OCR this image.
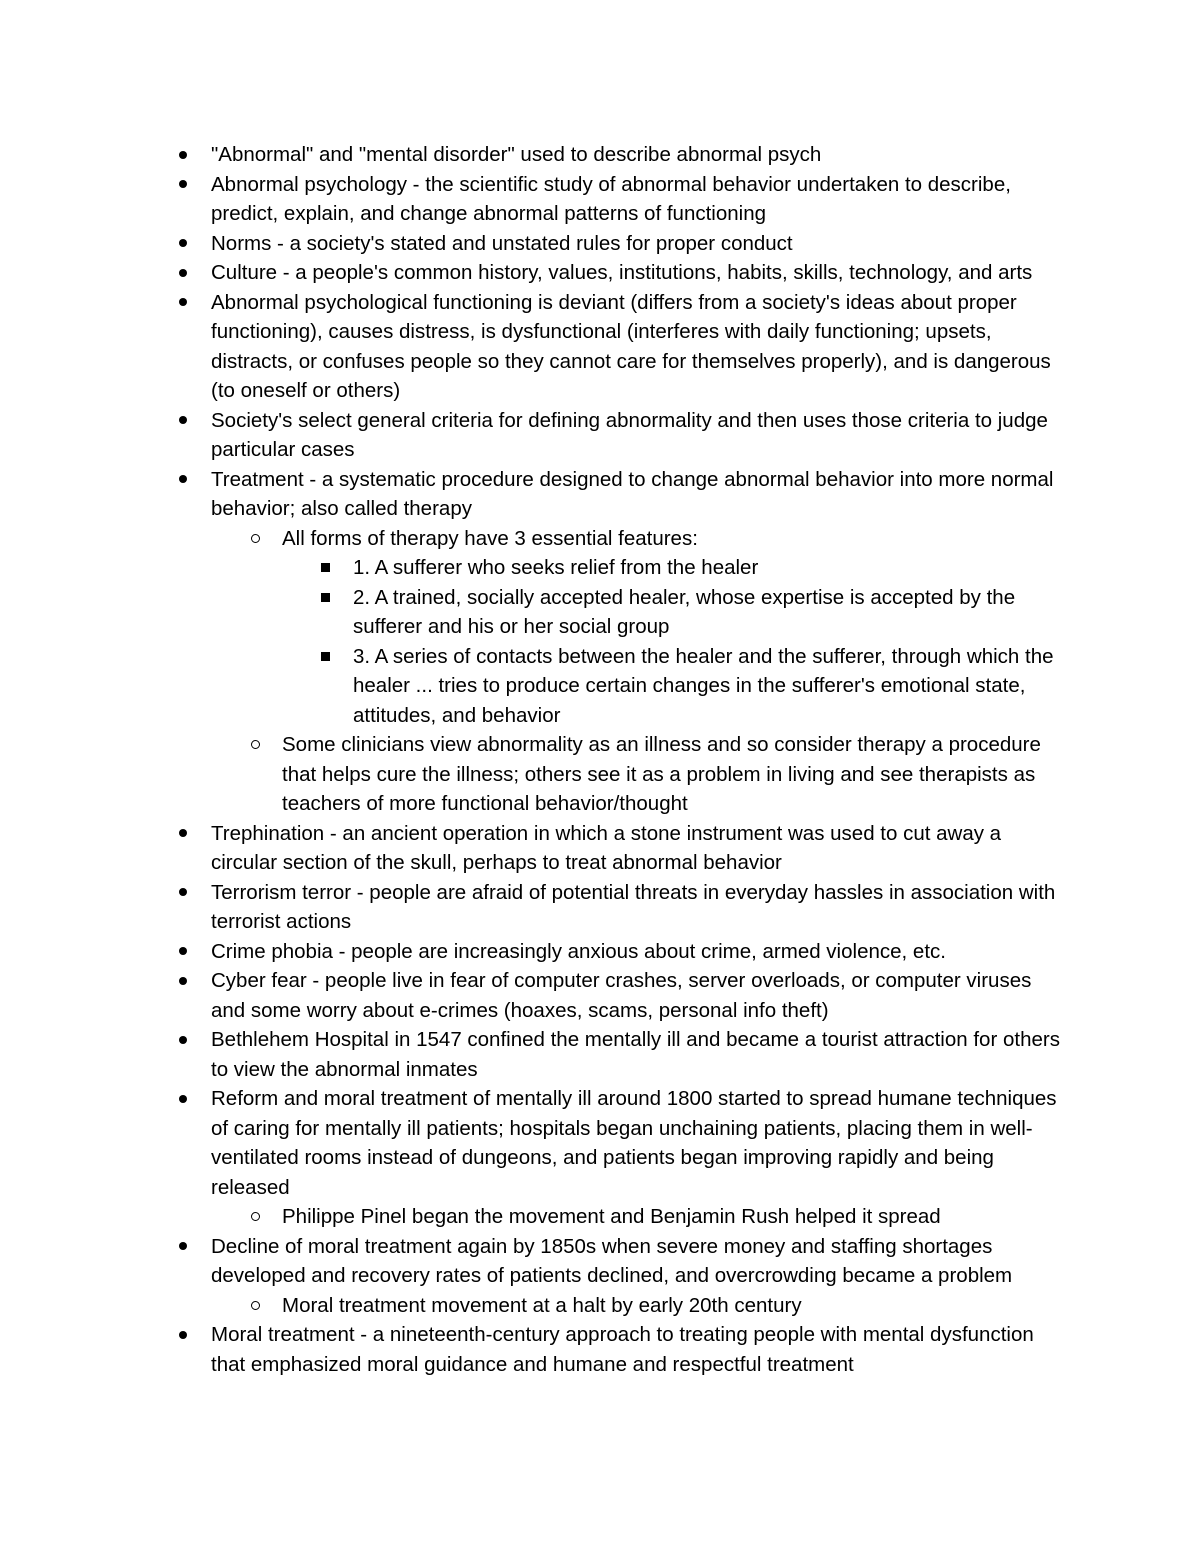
"Abnormal" and "mental disorder" used to describe abnormal psych
Abnormal psychology - the scientific study of abnormal behavior undertaken to describe, predict, explain, and change abnormal patterns of functioning
Norms - a society's stated and unstated rules for proper conduct
Culture - a people's common history, values, institutions, habits, skills, technology, and arts
Abnormal psychological functioning is deviant (differs from a society's ideas about proper functioning), causes distress, is dysfunctional (interferes with daily functioning; upsets, distracts, or confuses people so they cannot care for themselves properly), and is dangerous (to oneself or others)
Society's select general criteria for defining abnormality and then uses those criteria to judge particular cases
Treatment - a systematic procedure designed to change abnormal behavior into more normal behavior; also called therapy
All forms of therapy have 3 essential features:
1. A sufferer who seeks relief from the healer
2. A trained, socially accepted healer, whose expertise is accepted by the sufferer and his or her social group
3. A series of contacts between the healer and the sufferer, through which the healer ... tries to produce certain changes in the sufferer's emotional state, attitudes, and behavior
Some clinicians view abnormality as an illness and so consider therapy a procedure that helps cure the illness; others see it as a problem in living and see therapists as teachers of more functional behavior/thought
Trephination - an ancient operation in which a stone instrument was used to cut away a circular section of the skull, perhaps to treat abnormal behavior
Terrorism terror - people are afraid of potential threats in everyday hassles in association with terrorist actions
Crime phobia - people are increasingly anxious about crime, armed violence, etc.
Cyber fear - people live in fear of computer crashes, server overloads, or computer viruses and some worry about e-crimes (hoaxes, scams, personal info theft)
Bethlehem Hospital in 1547 confined the mentally ill and became a tourist attraction for others to view the abnormal inmates
Reform and moral treatment of mentally ill around 1800 started to spread humane techniques of caring for mentally ill patients; hospitals began unchaining patients, placing them in well-ventilated rooms instead of dungeons, and patients began improving rapidly and being released
Philippe Pinel began the movement and Benjamin Rush helped it spread
Decline of moral treatment again by 1850s when severe money and staffing shortages developed and recovery rates of patients declined, and overcrowding became a problem
Moral treatment movement at a halt by early 20th century
Moral treatment - a nineteenth-century approach to treating people with mental dysfunction that emphasized moral guidance and humane and respectful treatment
